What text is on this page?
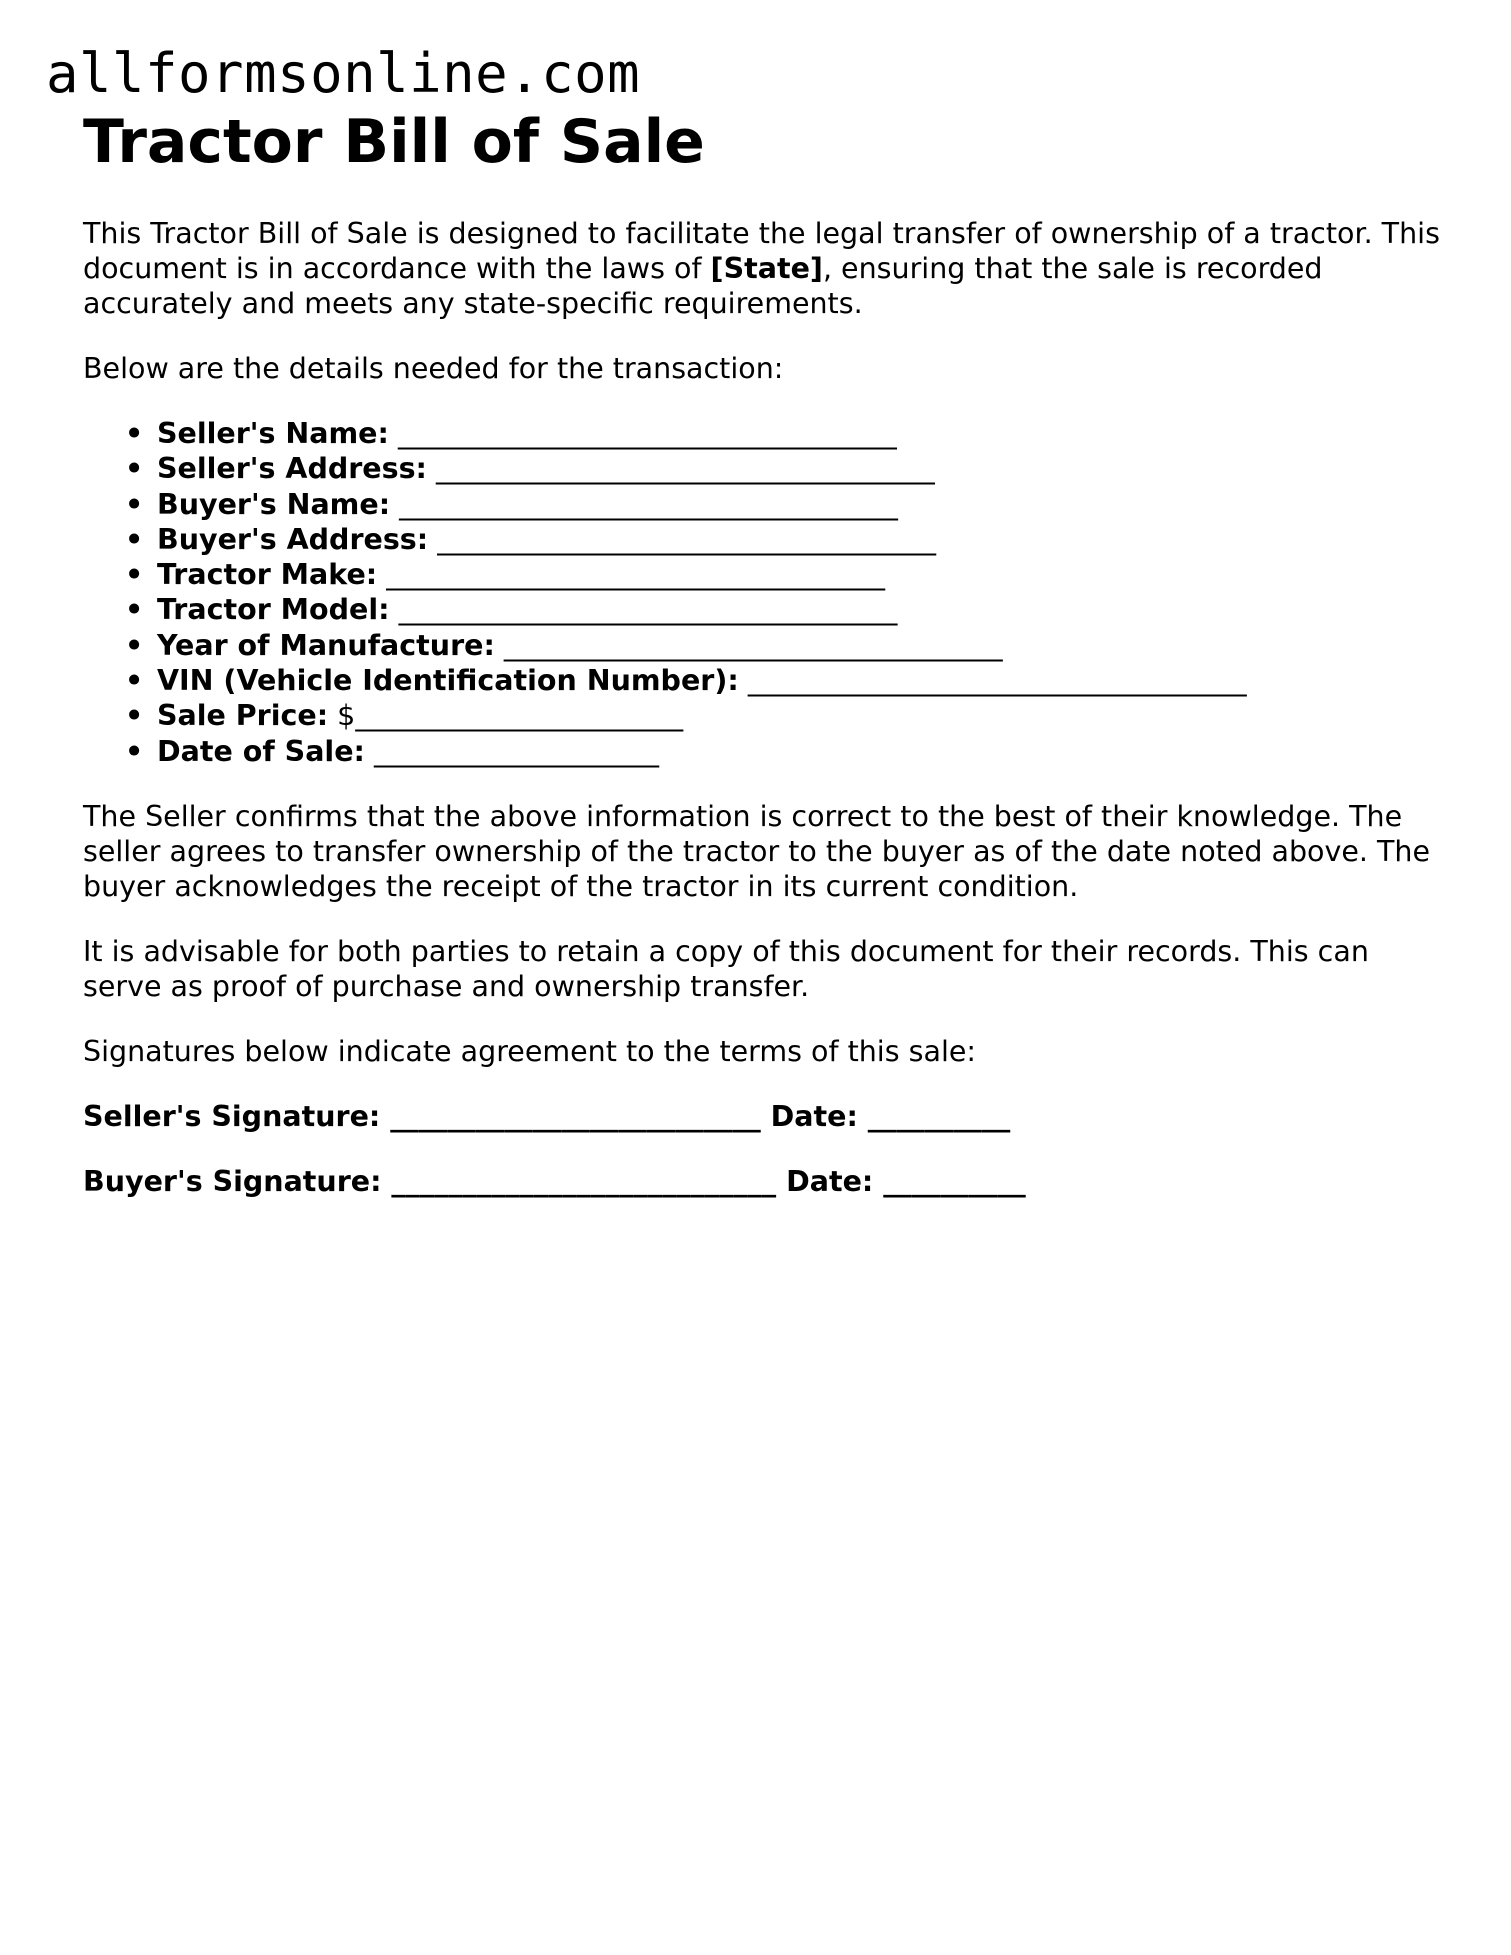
allformsonline.com
Tractor Bill of Sale

This Tractor Bill of Sale is designed to facilitate the legal transfer of ownership of a tractor. This document is in accordance with the laws of [State], ensuring that the sale is recorded accurately and meets any state-specific requirements.

Below are the details needed for the transaction:

• Seller's Name: ___________________________________
• Seller's Address: ___________________________________
• Buyer's Name: ___________________________________
• Buyer's Address: ___________________________________
• Tractor Make: ___________________________________
• Tractor Model: ___________________________________
• Year of Manufacture: ___________________________________
• VIN (Vehicle Identification Number): ___________________________________
• Sale Price: $_______________________
• Date of Sale: ____________________

The Seller confirms that the above information is correct to the best of their knowledge. The seller agrees to transfer ownership of the tractor to the buyer as of the date noted above. The buyer acknowledges the receipt of the tractor in its current condition.

It is advisable for both parties to retain a copy of this document for their records. This can serve as proof of purchase and ownership transfer.

Signatures below indicate agreement to the terms of this sale:

Seller's Signature: __________________________ Date: __________
Buyer's Signature: ___________________________ Date: __________
